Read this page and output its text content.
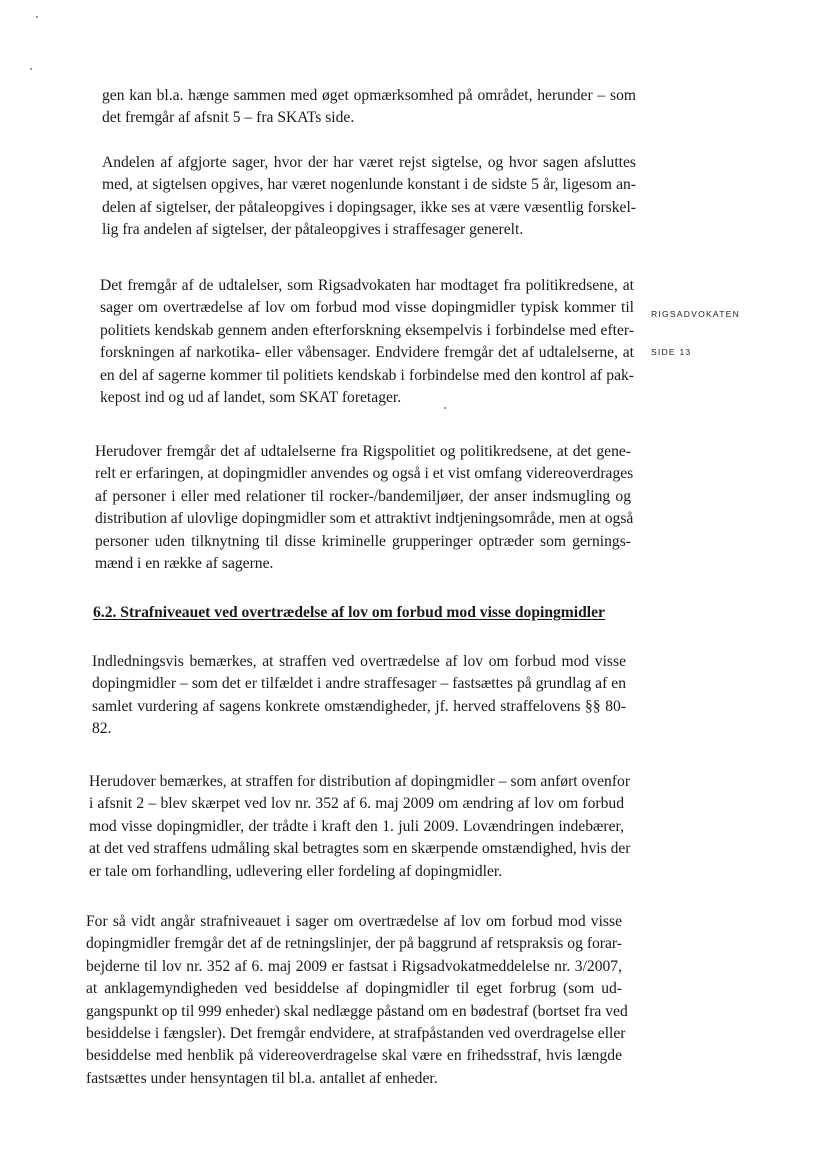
gen kan bl.a. hænge sammen med øget opmærksomhed på området, herunder – som
det fremgår af afsnit 5 – fra SKATs side.
Andelen af afgjorte sager, hvor der har været rejst sigtelse, og hvor sagen afsluttes
med, at sigtelsen opgives, har været nogenlunde konstant i de sidste 5 år, ligesom an-
delen af sigtelser, der påtaleopgives i dopingsager, ikke ses at være væsentlig forskel-
lig fra andelen af sigtelser, der påtaleopgives i straffesager generelt.
Det fremgår af de udtalelser, som Rigsadvokaten har modtaget fra politikredsene, at
sager om overtrædelse af lov om forbud mod visse dopingmidler typisk kommer til
politiets kendskab gennem anden efterforskning eksempelvis i forbindelse med efter-
forskningen af narkotika- eller våbensager. Endvidere fremgår det af udtalelserne, at
en del af sagerne kommer til politiets kendskab i forbindelse med den kontrol af pak-
kepost ind og ud af landet, som SKAT foretager.
Herudover fremgår det af udtalelserne fra Rigspolitiet og politikredsene, at det gene-
relt er erfaringen, at dopingmidler anvendes og også i et vist omfang videreoverdrages
af personer i eller med relationer til rocker-/bandemiljøer, der anser indsmugling og
distribution af ulovlige dopingmidler som et attraktivt indtjeningsområde, men at også
personer uden tilknytning til disse kriminelle grupperinger optræder som gernings-
mænd i en række af sagerne.
6.2. Strafniveauet ved overtrædelse af lov om forbud mod visse dopingmidler
Indledningsvis bemærkes, at straffen ved overtrædelse af lov om forbud mod visse
dopingmidler – som det er tilfældet i andre straffesager – fastsættes på grundlag af en
samlet vurdering af sagens konkrete omstændigheder, jf. herved straffelovens §§ 80-
82.
Herudover bemærkes, at straffen for distribution af dopingmidler – som anført ovenfor
i afsnit 2 – blev skærpet ved lov nr. 352 af 6. maj 2009 om ændring af lov om forbud
mod visse dopingmidler, der trådte i kraft den 1. juli 2009. Lovændringen indebærer,
at det ved straffens udmåling skal betragtes som en skærpende omstændighed, hvis der
er tale om forhandling, udlevering eller fordeling af dopingmidler.
For så vidt angår strafniveauet i sager om overtrædelse af lov om forbud mod visse
dopingmidler fremgår det af de retningslinjer, der på baggrund af retspraksis og forar-
bejderne til lov nr. 352 af 6. maj 2009 er fastsat i Rigsadvokatmeddelelse nr. 3/2007,
at anklagemyndigheden ved besiddelse af dopingmidler til eget forbrug (som ud-
gangspunkt op til 999 enheder) skal nedlægge påstand om en bødestraf (bortset fra ved
besiddelse i fængsler). Det fremgår endvidere, at strafpåstanden ved overdragelse eller
besiddelse med henblik på videreoverdragelse skal være en frihedsstraf, hvis længde
fastsættes under hensyntagen til bl.a. antallet af enheder.
RIGSADVOKATEN
SIDE 13
